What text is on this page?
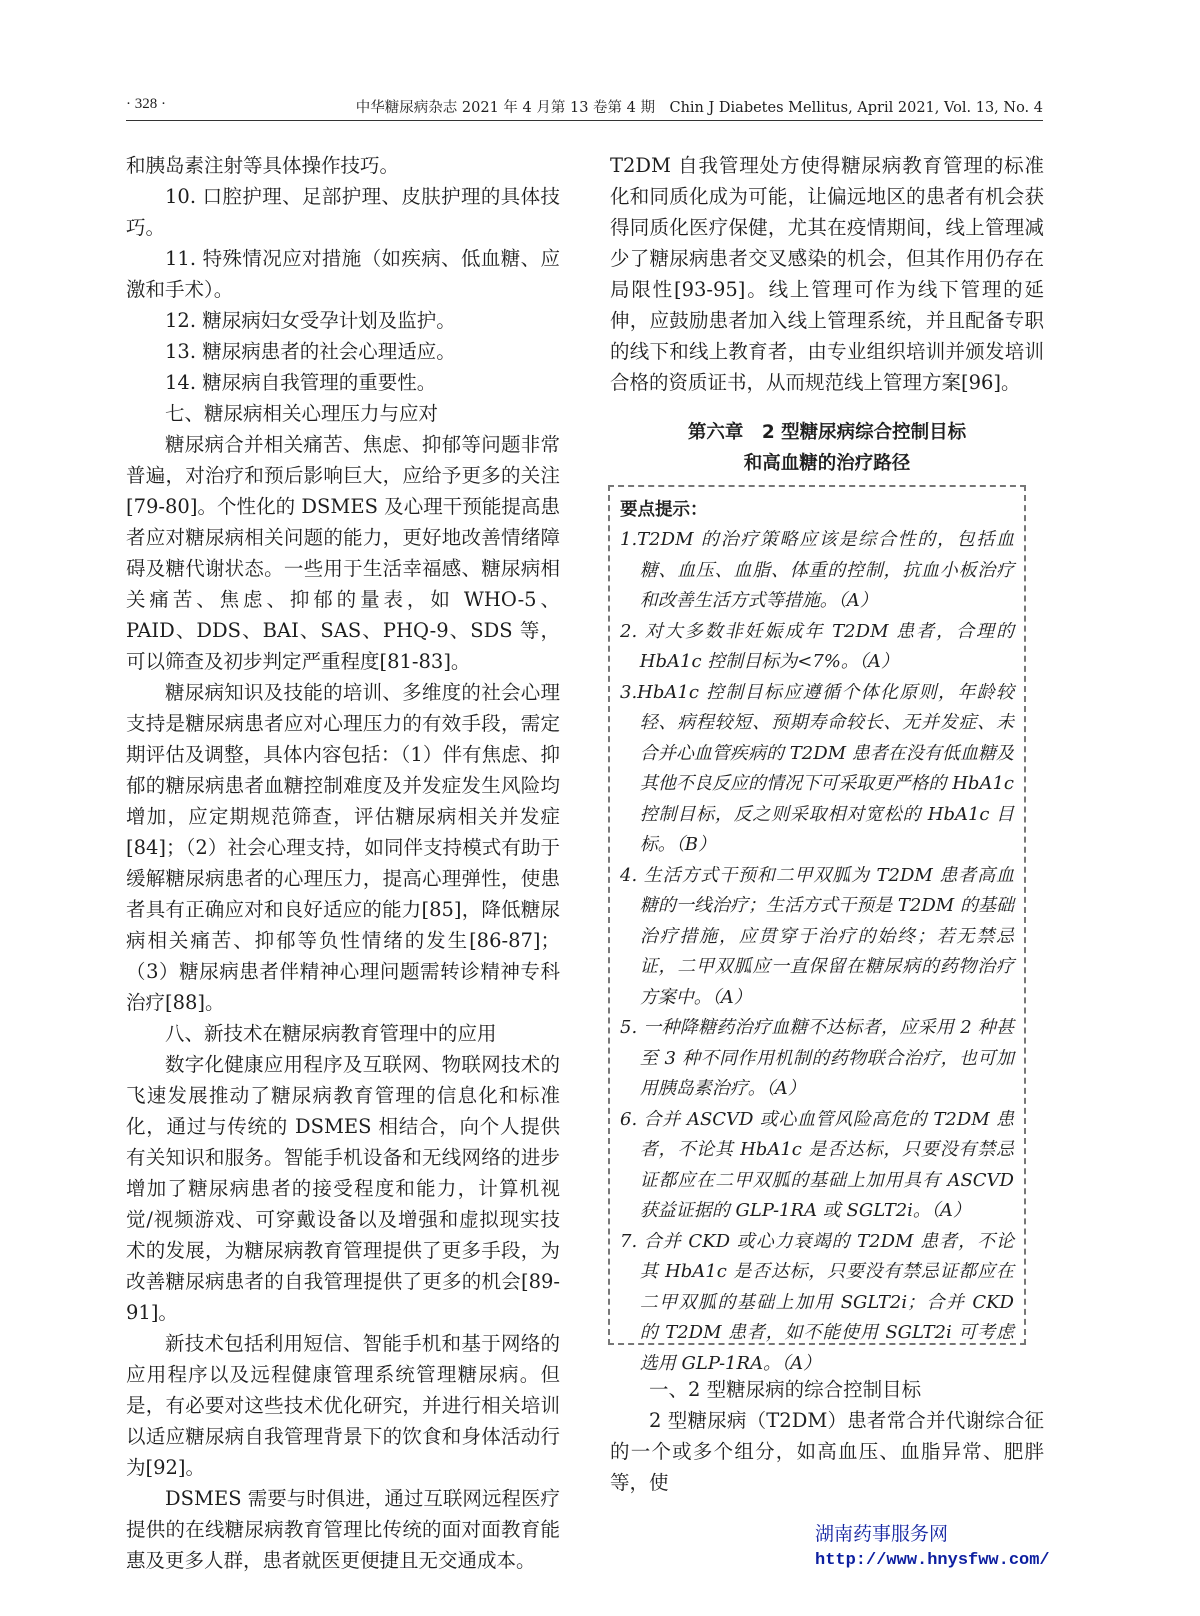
· 328 ·	中华糖尿病杂志 2021 年 4 月第 13 卷第 4 期　Chin J Diabetes Mellitus, April 2021, Vol. 13, No. 4

和胰岛素注射等具体操作技巧。

10. 口腔护理、足部护理、皮肤护理的具体技巧。

11. 特殊情况应对措施（如疾病、低血糖、应激和手术）。

12. 糖尿病妇女受孕计划及监护。

13. 糖尿病患者的社会心理适应。

14. 糖尿病自我管理的重要性。

七、糖尿病相关心理压力与应对

糖尿病合并相关痛苦、焦虑、抑郁等问题非常普遍，对治疗和预后影响巨大，应给予更多的关注[79-80]。个性化的 DSMES 及心理干预能提高患者应对糖尿病相关问题的能力，更好地改善情绪障碍及糖代谢状态。一些用于生活幸福感、糖尿病相关痛苦、焦虑、抑郁的量表，如 WHO-5、PAID、DDS、BAI、SAS、PHQ-9、SDS 等，可以筛查及初步判定严重程度[81-83]。

糖尿病知识及技能的培训、多维度的社会心理支持是糖尿病患者应对心理压力的有效手段，需定期评估及调整，具体内容包括：（1）伴有焦虑、抑郁的糖尿病患者血糖控制难度及并发症发生风险均增加，应定期规范筛查，评估糖尿病相关并发症[84]；（2）社会心理支持，如同伴支持模式有助于缓解糖尿病患者的心理压力，提高心理弹性，使患者具有正确应对和良好适应的能力[85]，降低糖尿病相关痛苦、抑郁等负性情绪的发生[86-87]；（3）糖尿病患者伴精神心理问题需转诊精神专科治疗[88]。

八、新技术在糖尿病教育管理中的应用

数字化健康应用程序及互联网、物联网技术的飞速发展推动了糖尿病教育管理的信息化和标准化，通过与传统的 DSMES 相结合，向个人提供有关知识和服务。智能手机设备和无线网络的进步增加了糖尿病患者的接受程度和能力，计算机视觉/视频游戏、可穿戴设备以及增强和虚拟现实技术的发展，为糖尿病教育管理提供了更多手段，为改善糖尿病患者的自我管理提供了更多的机会[89-91]。

新技术包括利用短信、智能手机和基于网络的应用程序以及远程健康管理系统管理糖尿病。但是，有必要对这些技术优化研究，并进行相关培训以适应糖尿病自我管理背景下的饮食和身体活动行为[92]。

DSMES 需要与时俱进，通过互联网远程医疗提供的在线糖尿病教育管理比传统的面对面教育能惠及更多人群，患者就医更便捷且无交通成本。

T2DM 自我管理处方使得糖尿病教育管理的标准化和同质化成为可能，让偏远地区的患者有机会获得同质化医疗保健，尤其在疫情期间，线上管理减少了糖尿病患者交叉感染的机会，但其作用仍存在局限性[93-95]。线上管理可作为线下管理的延伸，应鼓励患者加入线上管理系统，并且配备专职的线下和线上教育者，由专业组织培训并颁发培训合格的资质证书，从而规范线上管理方案[96]。

第六章　2 型糖尿病综合控制目标
和高血糖的治疗路径

要点提示：

1.T2DM 的治疗策略应该是综合性的，包括血糖、血压、血脂、体重的控制，抗血小板治疗和改善生活方式等措施。（A）

2. 对大多数非妊娠成年 T2DM 患者，合理的 HbA1c 控制目标为<7%。（A）

3.HbA1c 控制目标应遵循个体化原则，年龄较轻、病程较短、预期寿命较长、无并发症、未合并心血管疾病的 T2DM 患者在没有低血糖及其他不良反应的情况下可采取更严格的 HbA1c 控制目标，反之则采取相对宽松的 HbA1c 目标。（B）

4. 生活方式干预和二甲双胍为 T2DM 患者高血糖的一线治疗；生活方式干预是 T2DM 的基础治疗措施，应贯穿于治疗的始终；若无禁忌证，二甲双胍应一直保留在糖尿病的药物治疗方案中。（A）

5. 一种降糖药治疗血糖不达标者，应采用 2 种甚至 3 种不同作用机制的药物联合治疗，也可加用胰岛素治疗。（A）

6. 合并 ASCVD 或心血管风险高危的 T2DM 患者，不论其 HbA1c 是否达标，只要没有禁忌证都应在二甲双胍的基础上加用具有 ASCVD 获益证据的 GLP-1RA 或 SGLT2i。（A）

7. 合并 CKD 或心力衰竭的 T2DM 患者，不论其 HbA1c 是否达标，只要没有禁忌证都应在二甲双胍的基础上加用 SGLT2i；合并 CKD 的 T2DM 患者，如不能使用 SGLT2i 可考虑选用 GLP-1RA。（A）

一、2 型糖尿病的综合控制目标

2 型糖尿病（T2DM）患者常合并代谢综合征的一个或多个组分，如高血压、血脂异常、肥胖等，使

湖南药事服务网
http://www.hnysfww.com/
